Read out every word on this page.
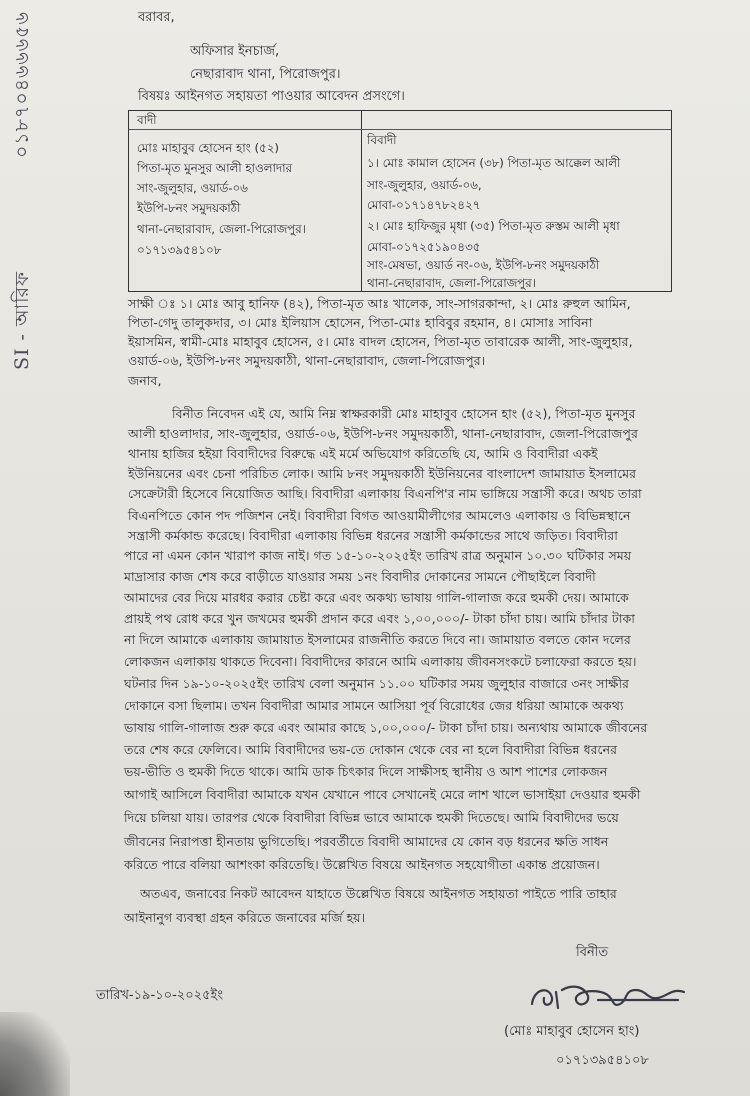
০১৮৭০৪৬৬৬৫৬
SI - আরিফ
বরাবর,
অফিসার ইনচার্জ,
নেছারাবাদ থানা, পিরোজপুর।
বিষয়ঃ আইনগত সহায়তা পাওয়ার আবেদন প্রসংগে।
বাদী
বিবাদী
মোঃ মাহাবুব হোসেন হাং (৫২)
পিতা-মৃত মুনসুর আলী হাওলাদার
সাং-জুলুহার, ওয়ার্ড-০৬
ইউপি-৮নং সমুদয়কাঠী
থানা-নেছারাবাদ, জেলা-পিরোজপুর।
০১৭১৩৯৫৪১০৮
১। মোঃ কামাল হোসেন (৩৮) পিতা-মৃত আক্কেল আলী
সাং-জুলুহার, ওয়ার্ড-০৬,
মোবা-০১৭১৪৭৮২৪২৭
২। মোঃ হাফিজুর মৃধা (৩৫) পিতা-মৃত রুস্তম আলী মৃধা
মোবা-০১৭২৫১৯০৪৩৫
সাং-মেষভা, ওয়ার্ড নং-০৬, ইউপি-৮নং সমুদয়কাঠী
থানা-নেছারাবাদ, জেলা-পিরোজপুর।
সাক্ষী ঃ ১। মোঃ আবু হানিফ (৪২), পিতা-মৃত আঃ খালেক, সাং-সাগরকান্দা, ২। মোঃ রুহুল আমিন,
পিতা-গেদু তালুকদার, ৩। মোঃ ইলিয়াস হোসেন, পিতা-মোঃ হাবিবুর রহমান, ৪। মোসাঃ সাবিনা
ইয়াসমিন, স্বামী-মোঃ মাহাবুব হোসেন, ৫। মোঃ বাদল হোসেন, পিতা-মৃত তাবারেক আলী, সাং-জুলুহার,
ওয়ার্ড-০৬, ইউপি-৮নং সমুদয়কাঠী, থানা-নেছারাবাদ, জেলা-পিরোজপুর।
জনাব,
বিনীত নিবেদন এই যে, আমি নিম্ন স্বাক্ষরকারী মোঃ মাহাবুব হোসেন হাং (৫২), পিতা-মৃত মুনসুর
আলী হাওলাদার, সাং-জুলুহার, ওয়ার্ড-০৬, ইউপি-৮নং সমুদয়কাঠী, থানা-নেছারাবাদ, জেলা-পিরোজপুর
থানায় হাজির হইয়া বিবাদীদের বিরুদ্ধে এই মর্মে অভিযোগ করিতেছি যে, আমি ও বিবাদীরা একই
ইউনিয়নের এবং চেনা পরিচিত লোক। আমি ৮নং সমুদয়কাঠী ইউনিয়নের বাংলাদেশ জামায়াত ইসলামের
সেক্রেটারী হিসেবে নিয়োজিত আছি। বিবাদীরা এলাকায় বিএনপি'র নাম ভাঙ্গিয়ে সন্ত্রাসী করে। অথচ তারা
বিএনপিতে কোন পদ পজিশন নেই। বিবাদীরা বিগত আওয়ামীলীগের আমলেও এলাকায় ও বিভিন্নস্থানে
সন্ত্রাসী কর্মকান্ড করেছে। বিবাদীরা এলাকায় বিভিন্ন ধরনের সন্ত্রাসী কর্মকান্ডের সাথে জড়িত। বিবাদীরা
পারে না এমন কোন খারাপ কাজ নাই। গত ১৫-১০-২০২৫ইং তারিখ রাত্র অনুমান ১০.৩০ ঘটিকার সময়
মাদ্রাসার কাজ শেষ করে বাড়ীতে যাওয়ার সময় ১নং বিবাদীর দোকানের সামনে পৌছাইলে বিবাদী
আমাদের বের দিয়ে মারধর করার চেষ্টা করে এবং অকথ্য ভাষায় গালি-গালাজ করে হুমকী দেয়। আমাকে
প্রায়ই পথ রোধ করে খুন জখমের হুমকী প্রদান করে এবং ১,০০,০০০/- টাকা চাঁদা চায়। আমি চাঁদার টাকা
না দিলে আমাকে এলাকায় জামায়াত ইসলামের রাজনীতি করতে দিবে না। জামায়াত বলতে কোন দলের
লোকজন এলাকায় থাকতে দিবেনা। বিবাদীদের কারনে আমি এলাকায় জীবনসংকটে চলাফেরা করতে হয়।
ঘটনার দিন ১৯-১০-২০২৫ইং তারিখ বেলা অনুমান ১১.০০ ঘটিকার সময় জুলুহার বাজারে ৩নং সাক্ষীর
দোকানে বসা ছিলাম। তখন বিবাদীরা আমার সামনে আসিয়া পূর্ব বিরোধের জের ধরিয়া আমাকে অকথ্য
ভাষায় গালি-গালাজ শুরু করে এবং আমার কাছে ১,০০,০০০/- টাকা চাঁদা চায়। অন্যথায় আমাকে জীবনের
তরে শেষ করে ফেলিবে। আমি বিবাদীদের ভয়-তে দোকান থেকে বের না হলে বিবাদীরা বিভিন্ন ধরনের
ভয়-ভীতি ও হুমকী দিতে থাকে। আমি ডাক চিৎকার দিলে সাক্ষীসহ স্থানীয় ও আশ পাশের লোকজন
আগাই আসিলে বিবাদীরা আমাকে যখন যেখানে পাবে সেখানেই মেরে লাশ খালে ভাসাইয়া দেওয়ার হুমকী
দিয়ে চলিয়া যায়। তারপর থেকে বিবাদীরা বিভিন্ন ভাবে আমাকে হুমকী দিতেছে। আমি বিবাদীদের ভয়ে
জীবনের নিরাপত্তা হীনতায় ভুগিতেছি। পরবর্তীতে বিবাদী আমাদের যে কোন বড় ধরনের ক্ষতি সাধন
করিতে পারে বলিয়া আশংকা করিতেছি। উল্লেখিত বিষয়ে আইনগত সহযোগীতা একান্ত প্রয়োজন।
অতএব, জনাবের নিকট আবেদন যাহাতে উল্লেখিত বিষয়ে আইনগত সহায়তা পাইতে পারি তাহার
আইনানুগ ব্যবস্থা গ্রহন করিতে জনাবের মর্জি হয়।
বিনীত
তারিখ-১৯-১০-২০২৫ইং
(মোঃ মাহাবুব হোসেন হাং)
০১৭১৩৯৫৪১০৮
